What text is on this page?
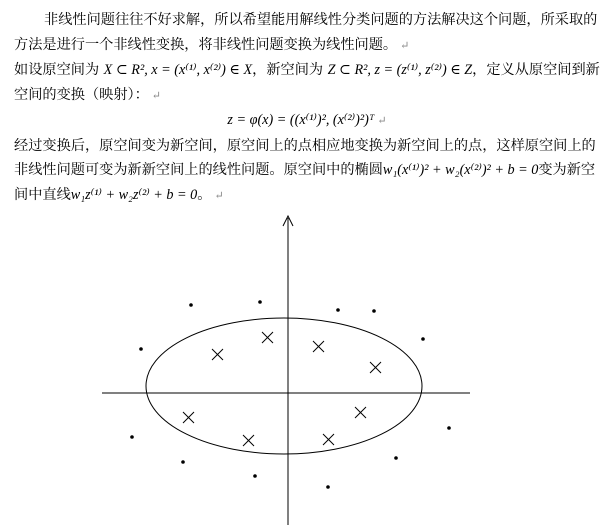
非线性问题往往不好求解，所以希望能用解线性分类问题的方法解决这个问题，所采取的方法是进行一个非线性变换，将非线性问题变换为线性问题。 ↵

如设原空间为 X ⊂ R², x = (x⁽¹⁾, x⁽²⁾) ∈ X，新空间为 Z ⊂ R², z = (z⁽¹⁾, z⁽²⁾) ∈ Z，定义从原空间到新空间的变换（映射）： ↵

z = φ(x) = ((x⁽¹⁾)², (x⁽²⁾)²)ᵀ ↵

经过变换后，原空间变为新空间，原空间上的点相应地变换为新空间上的点，这样原空间上的非线性问题可变为新新空间上的线性问题。原空间中的椭圆w₁(x⁽¹⁾)² + w₂(x⁽²⁾)² + b = 0变为新空间中直线w₁z⁽¹⁾ + w₂z⁽²⁾ + b = 0。 ↵
